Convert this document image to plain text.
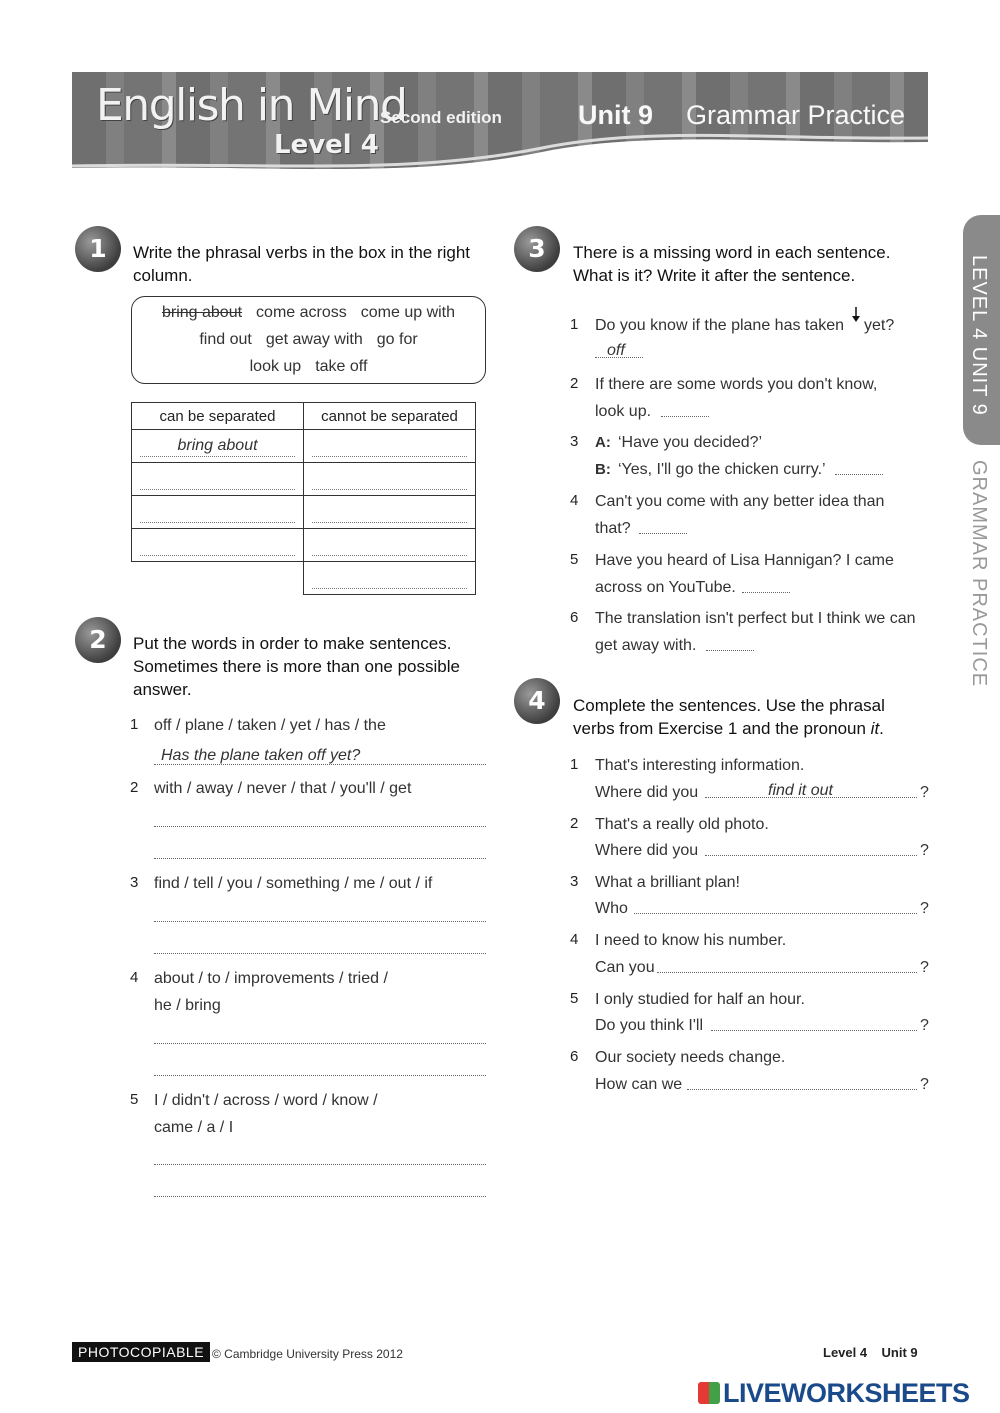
English in Mind
Second edition
Level 4
Unit 9 Grammar Practice
LEVEL 4 UNIT 9
GRAMMAR PRACTICE
1	Write the phrasal verbs in the box in the right column.
bring about come across come up with
find out get away with go for
look up take off
can be separated	cannot be separated

bring about	

2	Put the words in order to make sentences. Sometimes there is more than one possible answer.
1 off / plane / taken / yet / has / the
Has the plane taken off yet?
2 with / away / never / that / you'll / get
3 find / tell / you / something / me / out / if
4 about / to / improvements / tried /
he / bring
5 I / didn't / across / word / know /
came / a / I
3	There is a missing word in each sentence. What is it? Write it after the sentence.
1 Do you know if the plane has taken yet?
off
2 If there are some words you don't know,
look up.
3 A: ‘Have you decided?’
B: ‘Yes, I'll go the chicken curry.’
4 Can't you come with any better idea than
that?
5 Have you heard of Lisa Hannigan? I came
across on YouTube.
6 The translation isn't perfect but I think we can
get away with.
4	Complete the sentences. Use the phrasal verbs from Exercise 1 and the pronoun it.
1 That's interesting information.
Where did you	find it out	?
2 That's a really old photo.
Where did you	?
3 What a brilliant plan!
Who	?
4 I need to know his number.
Can you	?
5 I only studied for half an hour.
Do you think I'll	?
6 Our society needs change.
How can we	?
PHOTOCOPIABLE © Cambridge University Press 2012	Level 4    Unit 9
LIVEWORKSHEETS
